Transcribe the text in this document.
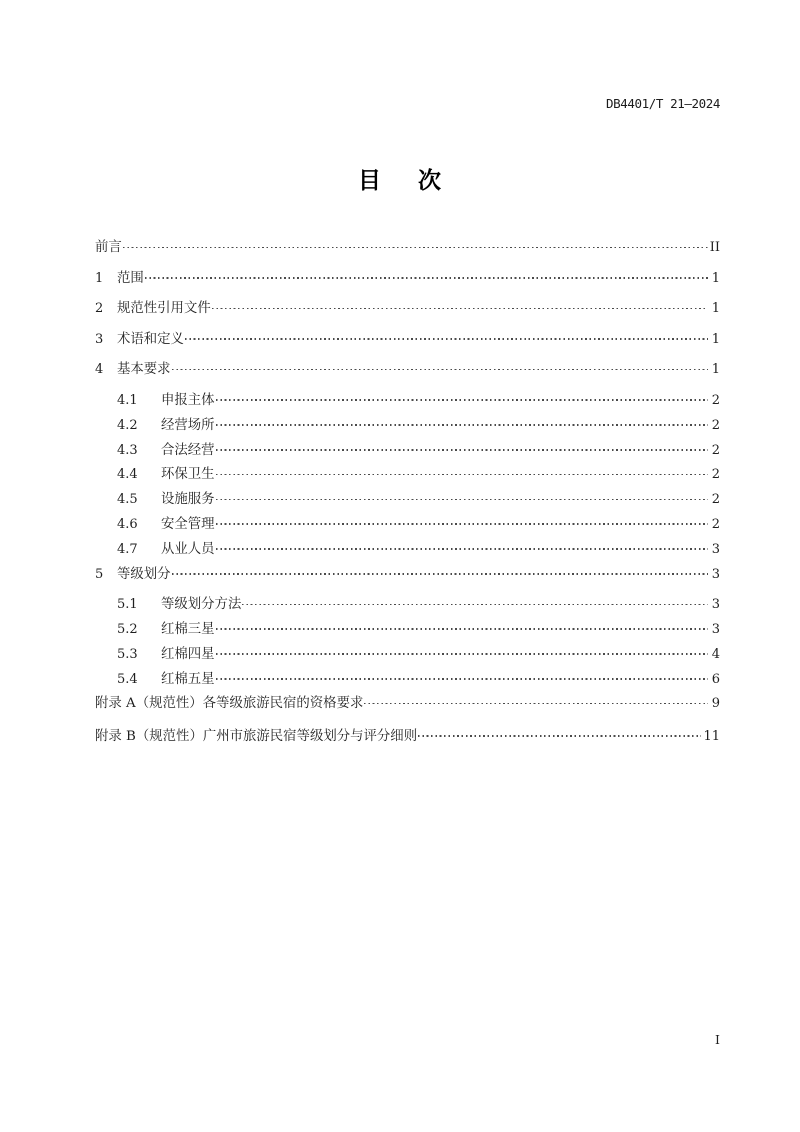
DB4401/T 21—2024
目    次
前言	II
1	范围	1
2	规范性引用文件	1
3	术语和定义	1
4	基本要求	1
4.1	申报主体	2
4.2	经营场所	2
4.3	合法经营	2
4.4	环保卫生	2
4.5	设施服务	2
4.6	安全管理	2
4.7	从业人员	3
5	等级划分	3
5.1	等级划分方法	3
5.2	红棉三星	3
5.3	红棉四星	4
5.4	红棉五星	6
附录 A（规范性）各等级旅游民宿的资格要求	9
附录 B（规范性）广州市旅游民宿等级划分与评分细则	11
I
